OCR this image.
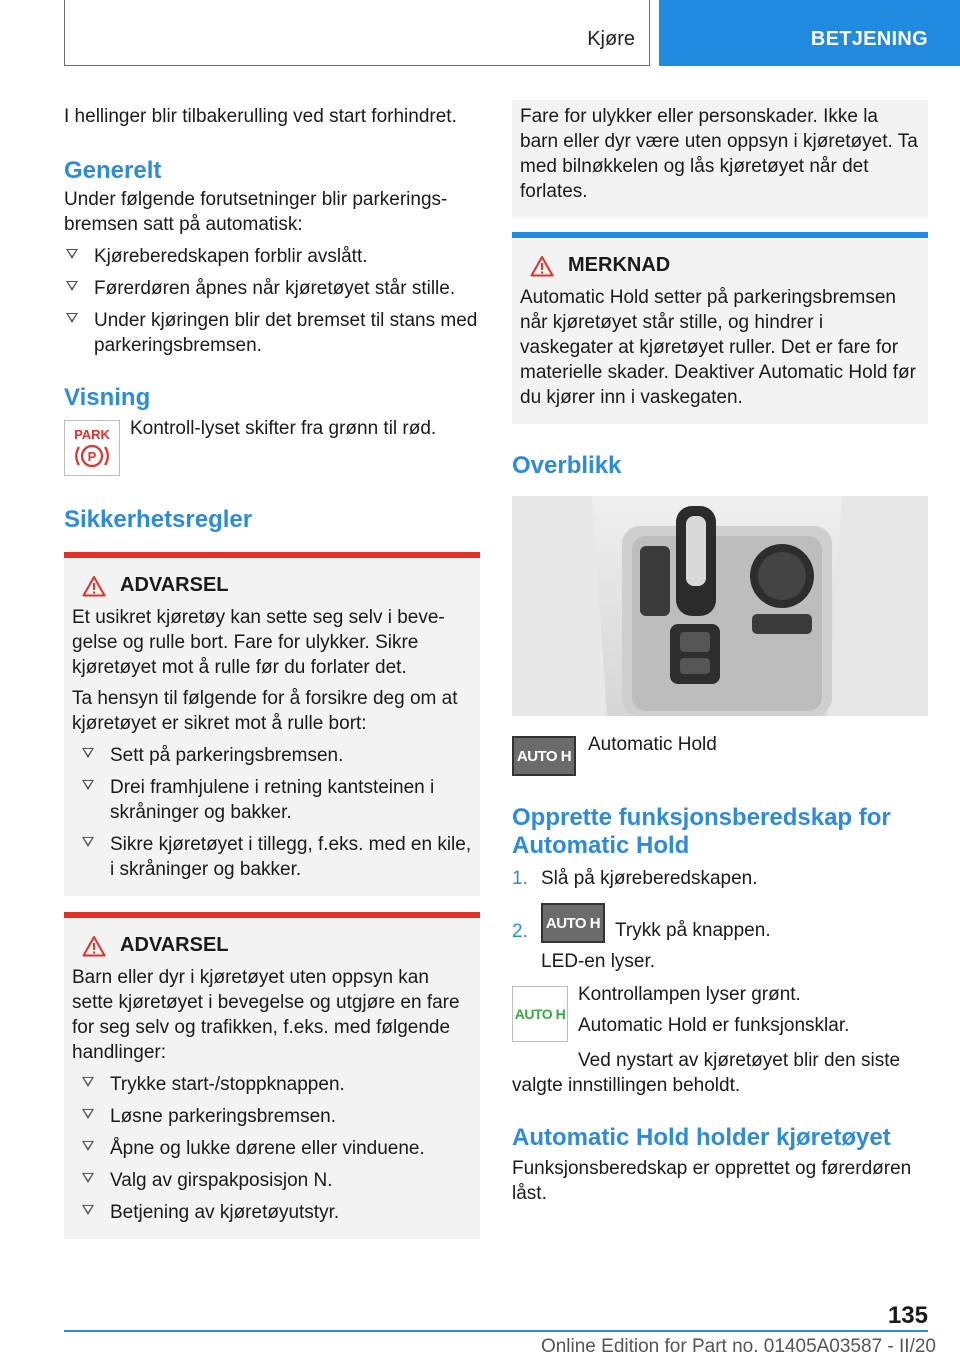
Kjøre	BETJENING

I hellinger blir tilbakerulling ved start forhindret.

Generelt

Under følgende forutsetninger blir parkeringsbremsen satt på automatisk:

Kjøreberedskapen forblir avslått.
Førerdøren åpnes når kjøretøyet står stille.
Under kjøringen blir det bremset til stans med parkeringsbremsen.
Visning
PARK
P

Kontroll-lyset skifter fra grønn til rød.

Sikkerhetsregler
ADVARSEL

Et usikret kjøretøy kan sette seg selv i bevegelse og rulle bort. Fare for ulykker. Sikre kjøretøyet mot å rulle før du forlater det.

Ta hensyn til følgende for å forsikre deg om at kjøretøyet er sikret mot å rulle bort:

Sett på parkeringsbremsen.
Drei framhjulene i retning kantsteinen i skråninger og bakker.
Sikre kjøretøyet i tillegg, f.eks. med en kile, i skråninger og bakker.
ADVARSEL

Barn eller dyr i kjøretøyet uten oppsyn kan sette kjøretøyet i bevegelse og utgjøre en fare for seg selv og trafikken, f.eks. med følgende handlinger:

Trykke start-/stoppknappen.
Løsne parkeringsbremsen.
Åpne og lukke dørene eller vinduene.
Valg av girspakposisjon N.
Betjening av kjøretøyutstyr.

Fare for ulykker eller personskader. Ikke la barn eller dyr være uten oppsyn i kjøretøyet. Ta med bilnøkkelen og lås kjøretøyet når det forlates.

MERKNAD

Automatic Hold setter på parkeringsbremsen når kjøretøyet står stille, og hindrer i vaskegater at kjøretøyet ruller. Det er fare for materielle skader. Deaktiver Automatic Hold før du kjører inn i vaskegaten.

Overblikk
AUTO H

Automatic Hold

Opprette funksjonsberedskap for Automatic Hold
1. Slå på kjøreberedskapen.
2.	AUTO H Trykk på knappen.

LED-en lyser.

AUTO H

Kontrollampen lyser grønt.

Automatic Hold er funksjonsklar.

Ved nystart av kjøretøyet blir den siste valgte innstillingen beholdt.

Automatic Hold holder kjøretøyet

Funksjonsberedskap er opprettet og førerdøren låst.

135
Online Edition for Part no. 01405A03587 - II/20
